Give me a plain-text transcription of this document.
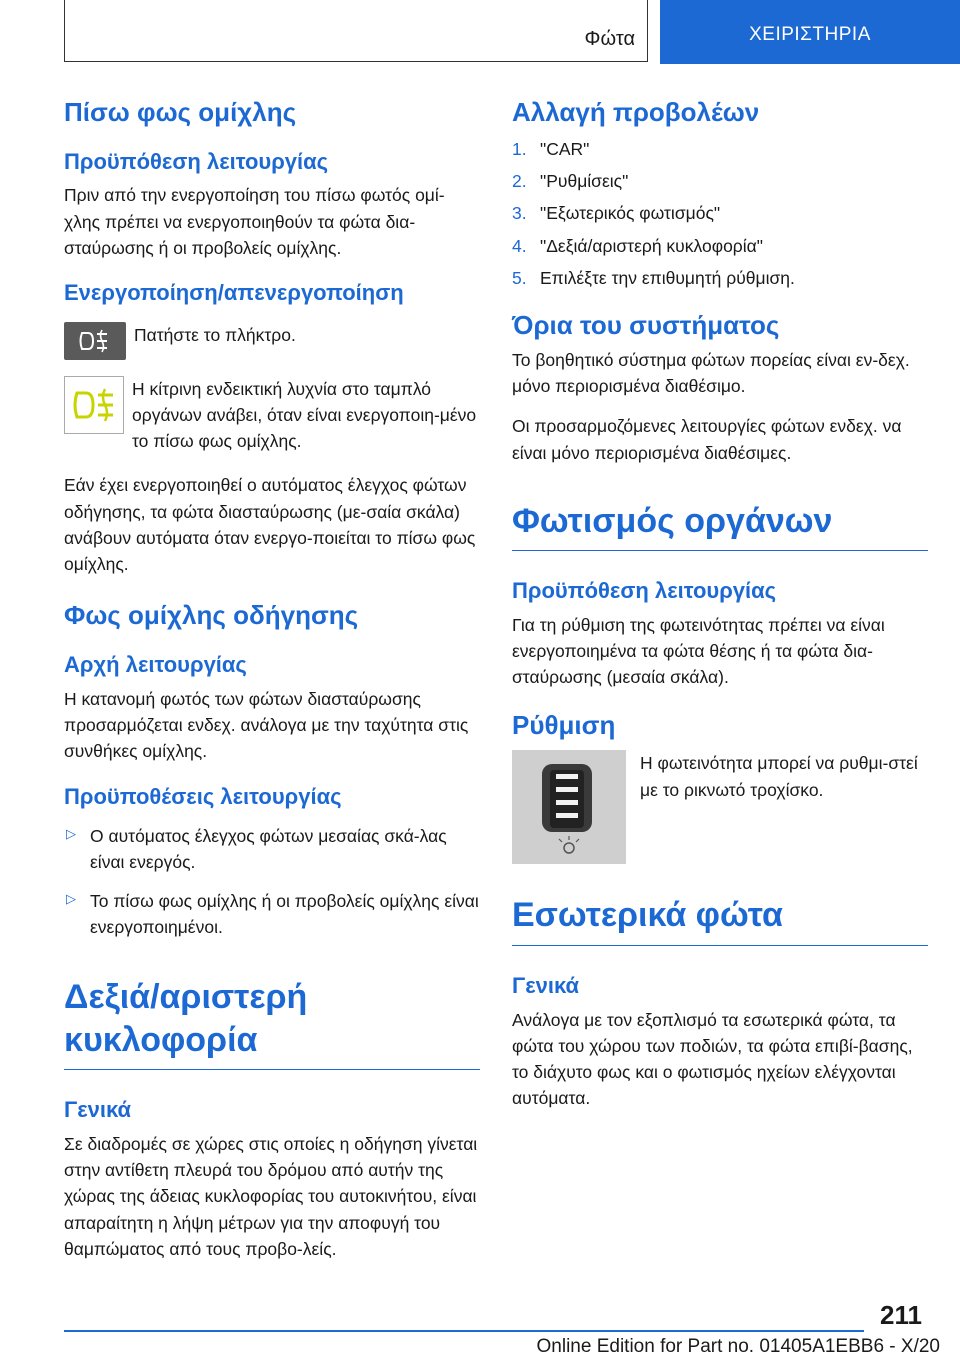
Φώτα	ΧΕΙΡΙΣΤΗΡΙΑ
Πίσω φως ομίχλης
Προϋπόθεση λειτουργίας

Πριν από την ενεργοποίηση του πίσω φωτός ομί-χλης πρέπει να ενεργοποιηθούν τα φώτα δια-σταύρωσης ή οι προβολείς ομίχλης.

Ενεργοποίηση/απενεργοποίηση
Πατήστε το πλήκτρο.
Η κίτρινη ενδεικτική λυχνία στο ταμπλό οργάνων ανάβει, όταν είναι ενεργοποιη-μένο το πίσω φως ομίχλης.

Εάν έχει ενεργοποιηθεί ο αυτόματος έλεγχος φώτων οδήγησης, τα φώτα διασταύρωσης (με-σαία σκάλα) ανάβουν αυτόματα όταν ενεργο-ποιείται το πίσω φως ομίχλης.

Φως ομίχλης οδήγησης
Αρχή λειτουργίας

Η κατανομή φωτός των φώτων διασταύρωσης προσαρμόζεται ενδεχ. ανάλογα με την ταχύτητα στις συνθήκες ομίχλης.

Προϋποθέσεις λειτουργίας
▷ Ο αυτόματος έλεγχος φώτων μεσαίας σκά-λας είναι ενεργός.
▷ Το πίσω φως ομίχλης ή οι προβολείς ομίχλης είναι ενεργοποιημένοι.
Δεξιά/αριστερή κυκλοφορία
Γενικά

Σε διαδρομές σε χώρες στις οποίες η οδήγηση γίνεται στην αντίθετη πλευρά του δρόμου από αυτήν της χώρας της άδειας κυκλοφορίας του αυτοκινήτου, είναι απαραίτητη η λήψη μέτρων για την αποφυγή του θαμπώματος από τους προβο-λείς.

Αλλαγή προβολέων
1. "CAR"
2. "Ρυθμίσεις"
3. "Εξωτερικός φωτισμός"
4. "Δεξιά/αριστερή κυκλοφορία"
5. Επιλέξτε την επιθυμητή ρύθμιση.
Όρια του συστήματος

Το βοηθητικό σύστημα φώτων πορείας είναι εν-δεχ. μόνο περιορισμένα διαθέσιμο.

Οι προσαρμοζόμενες λειτουργίες φώτων ενδεχ. να είναι μόνο περιορισμένα διαθέσιμες.

Φωτισμός οργάνων
Προϋπόθεση λειτουργίας

Για τη ρύθμιση της φωτεινότητας πρέπει να είναι ενεργοποιημένα τα φώτα θέσης ή τα φώτα δια-σταύρωσης (μεσαία σκάλα).

Ρύθμιση
Η φωτεινότητα μπορεί να ρυθμι-στεί με το ρικνωτό τροχίσκο.
Εσωτερικά φώτα
Γενικά

Ανάλογα με τον εξοπλισμό τα εσωτερικά φώτα, τα φώτα του χώρου των ποδιών, τα φώτα επιβί-βασης, το διάχυτο φως και ο φωτισμός ηχείων ελέγχονται αυτόματα.

211
Online Edition for Part no. 01405A1EBB6 - X/20
